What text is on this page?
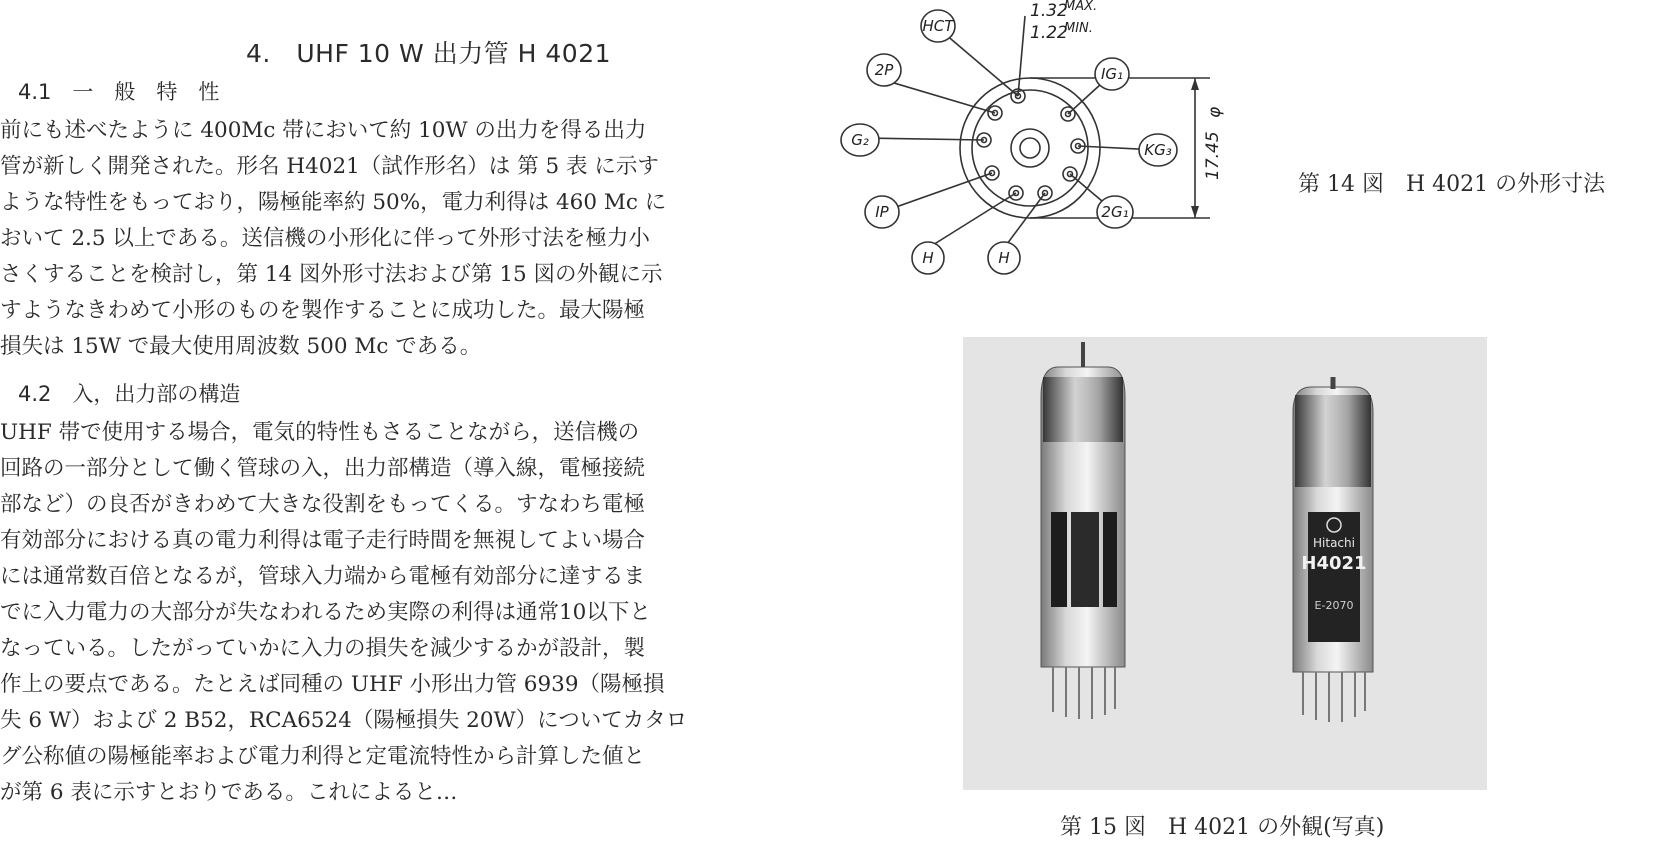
4.　UHF 10 W 出力管 H 4021
4.1　一　般　特　性
前にも述べたように 400Mc 帯において約 10W の出力を得る出力
管が新しく開発された。形名 H4021（試作形名）は 第 5 表 に示す
ような特性をもっており，陽極能率約 50%，電力利得は 460 Mc に
おいて 2.5 以上である。送信機の小形化に伴って外形寸法を極力小
さくすることを検討し，第 14 図外形寸法および第 15 図の外観に示
すようなきわめて小形のものを製作することに成功した。最大陽極
損失は 15W で最大使用周波数 500 Mc である。
4.2　入，出力部の構造
UHF 帯で使用する場合，電気的特性もさることながら，送信機の
回路の一部分として働く管球の入，出力部構造（導入線，電極接続
部など）の良否がきわめて大きな役割をもってくる。すなわち電極
有効部分における真の電力利得は電子走行時間を無視してよい場合
には通常数百倍となるが，管球入力端から電極有効部分に達するま
でに入力電力の大部分が失なわれるため実際の利得は通常10以下と
なっている。したがっていかに入力の損失を減少するかが設計，製
作上の要点である。たとえば同種の UHF 小形出力管 6939（陽極損
失 6 W）および 2 B52，RCA6524（陽極損失 20W）についてカタロ
グ公称値の陽極能率および電力利得と定電流特性から計算した値と
が第 6 表に示すとおりである。これによると…
HCT
2P	IG₁
G₂
KG₃
IP	2G₁
H	H
1.32
MAX.
1.22
MIN.
17.45
φ
第 14 図　H 4021 の外形寸法
Hitachi
H4021
E-2070
第 15 図　H 4021 の外観(写真)
